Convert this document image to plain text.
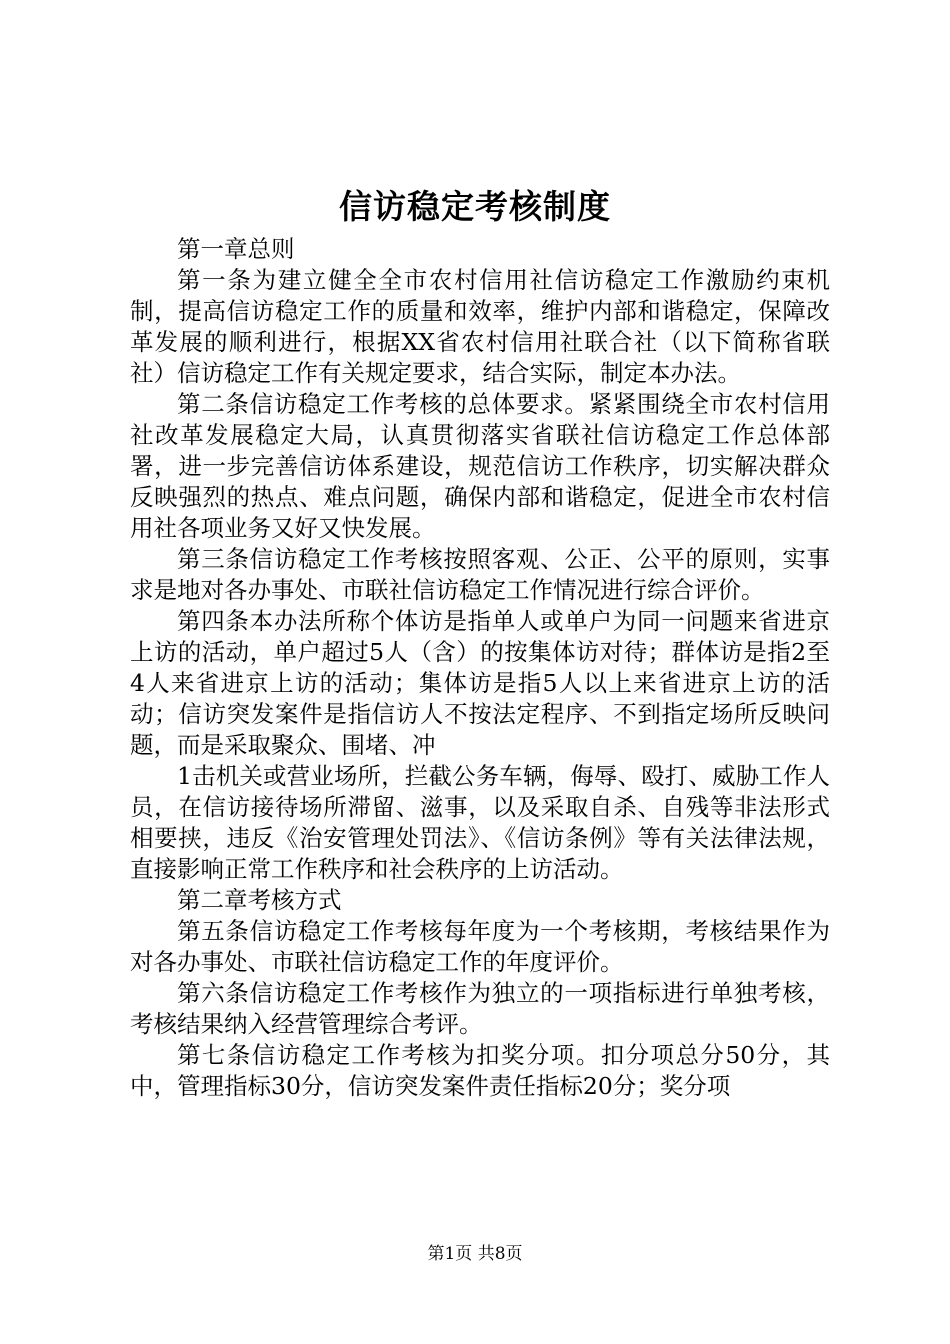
信访稳定考核制度

第一章总则

第一条为建立健全全市农村信用社信访稳定工作激励约束机制，提高信访稳定工作的质量和效率，维护内部和谐稳定，保障改革发展的顺利进行，根据XX省农村信用社联合社（以下简称省联社）信访稳定工作有关规定要求，结合实际，制定本办法。

第二条信访稳定工作考核的总体要求。紧紧围绕全市农村信用社改革发展稳定大局，认真贯彻落实省联社信访稳定工作总体部署，进一步完善信访体系建设，规范信访工作秩序，切实解决群众反映强烈的热点、难点问题，确保内部和谐稳定，促进全市农村信用社各项业务又好又快发展。

第三条信访稳定工作考核按照客观、公正、公平的原则，实事求是地对各办事处、市联社信访稳定工作情况进行综合评价。

第四条本办法所称个体访是指单人或单户为同一问题来省进京上访的活动，单户超过5人（含）的按集体访对待；群体访是指2至4人来省进京上访的活动；集体访是指5人以上来省进京上访的活动；信访突发案件是指信访人不按法定程序、不到指定场所反映问题，而是采取聚众、围堵、冲

1击机关或营业场所，拦截公务车辆，侮辱、殴打、威胁工作人员，在信访接待场所滞留、滋事，以及采取自杀、自残等非法形式相要挟，违反《治安管理处罚法》、《信访条例》等有关法律法规，直接影响正常工作秩序和社会秩序的上访活动。

第二章考核方式

第五条信访稳定工作考核每年度为一个考核期，考核结果作为对各办事处、市联社信访稳定工作的年度评价。

第六条信访稳定工作考核作为独立的一项指标进行单独考核，考核结果纳入经营管理综合考评。

第七条信访稳定工作考核为扣奖分项。扣分项总分50分，其中，管理指标30分，信访突发案件责任指标20分；奖分项

第1页 共8页
